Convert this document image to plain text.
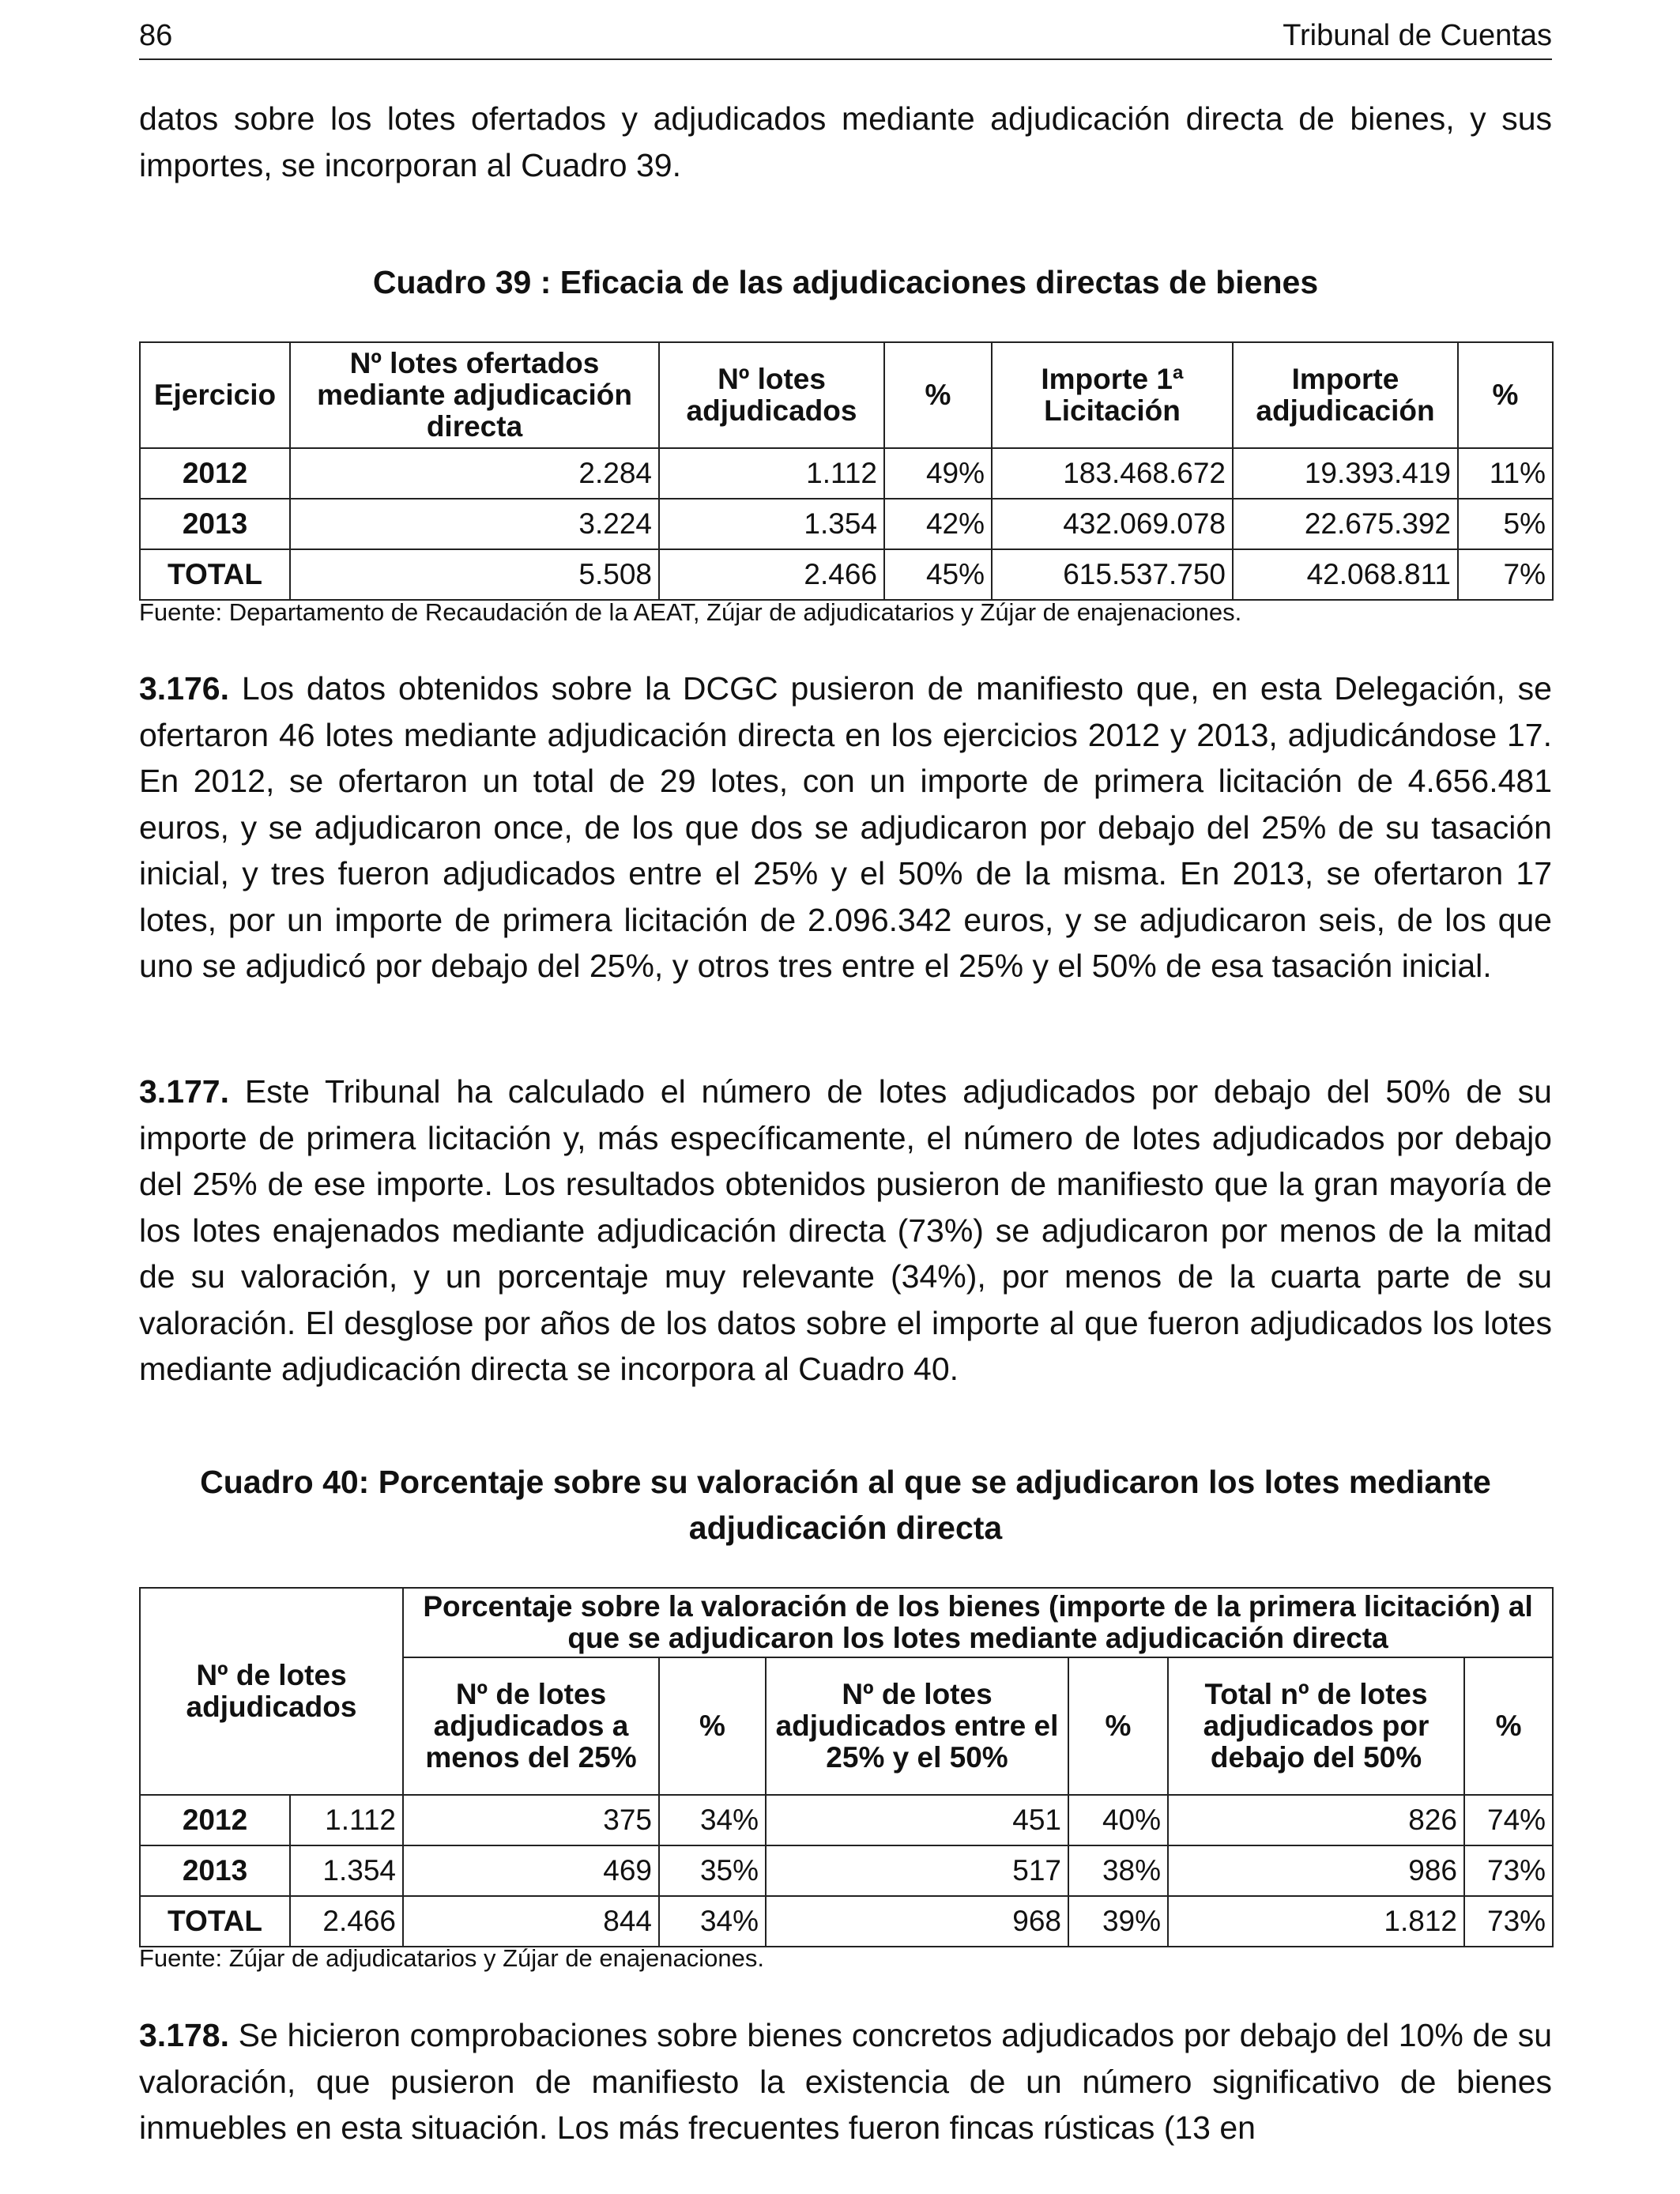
86	Tribunal de Cuentas
datos sobre los lotes ofertados y adjudicados mediante adjudicación directa de bienes, y sus importes, se incorporan al Cuadro 39.
Cuadro 39 : Eficacia de las adjudicaciones directas de bienes
Ejercicio	Nº lotes ofertados mediante adjudicación directa	Nº lotes adjudicados	%	Importe 1ª Licitación	Importe adjudicación	%
2012	2.284	1.112	49%	183.468.672	19.393.419	11%
2013	3.224	1.354	42%	432.069.078	22.675.392	5%
TOTAL	5.508	2.466	45%	615.537.750	42.068.811	7%
Fuente: Departamento de Recaudación de la AEAT, Zújar de adjudicatarios y Zújar de enajenaciones.
3.176. Los datos obtenidos sobre la DCGC pusieron de manifiesto que, en esta Delegación, se ofertaron 46 lotes mediante adjudicación directa en los ejercicios 2012 y 2013, adjudicándose 17. En 2012, se ofertaron un total de 29 lotes, con un importe de primera licitación de 4.656.481 euros, y se adjudicaron once, de los que dos se adjudicaron por debajo del 25% de su tasación inicial, y tres fueron adjudicados entre el 25% y el 50% de la misma. En 2013, se ofertaron 17 lotes, por un importe de primera licitación de 2.096.342 euros, y se adjudicaron seis, de los que uno se adjudicó por debajo del 25%, y otros tres entre el 25% y el 50% de esa tasación inicial.
3.177. Este Tribunal ha calculado el número de lotes adjudicados por debajo del 50% de su importe de primera licitación y, más específicamente, el número de lotes adjudicados por debajo del 25% de ese importe. Los resultados obtenidos pusieron de manifiesto que la gran mayoría de los lotes enajenados mediante adjudicación directa (73%) se adjudicaron por menos de la mitad de su valoración, y un porcentaje muy relevante (34%), por menos de la cuarta parte de su valoración. El desglose por años de los datos sobre el importe al que fueron adjudicados los lotes mediante adjudicación directa se incorpora al Cuadro 40.
Cuadro 40: Porcentaje sobre su valoración al que se adjudicaron los lotes mediante adjudicación directa
Nº de lotes adjudicados		Porcentaje sobre la valoración de los bienes (importe de la primera licitación) al que se adjudicaron los lotes mediante adjudicación directa					
		Nº de lotes adjudicados a menos del 25%	%	Nº de lotes adjudicados entre el 25% y el 50%	%	Total nº de lotes adjudicados por debajo del 50%	%
2012	1.112	375	34%	451	40%	826	74%
2013	1.354	469	35%	517	38%	986	73%
TOTAL	2.466	844	34%	968	39%	1.812	73%
Fuente: Zújar de adjudicatarios y Zújar de enajenaciones.
3.178. Se hicieron comprobaciones sobre bienes concretos adjudicados por debajo del 10% de su valoración, que pusieron de manifiesto la existencia de un número significativo de bienes inmuebles en esta situación. Los más frecuentes fueron fincas rústicas (13 en
